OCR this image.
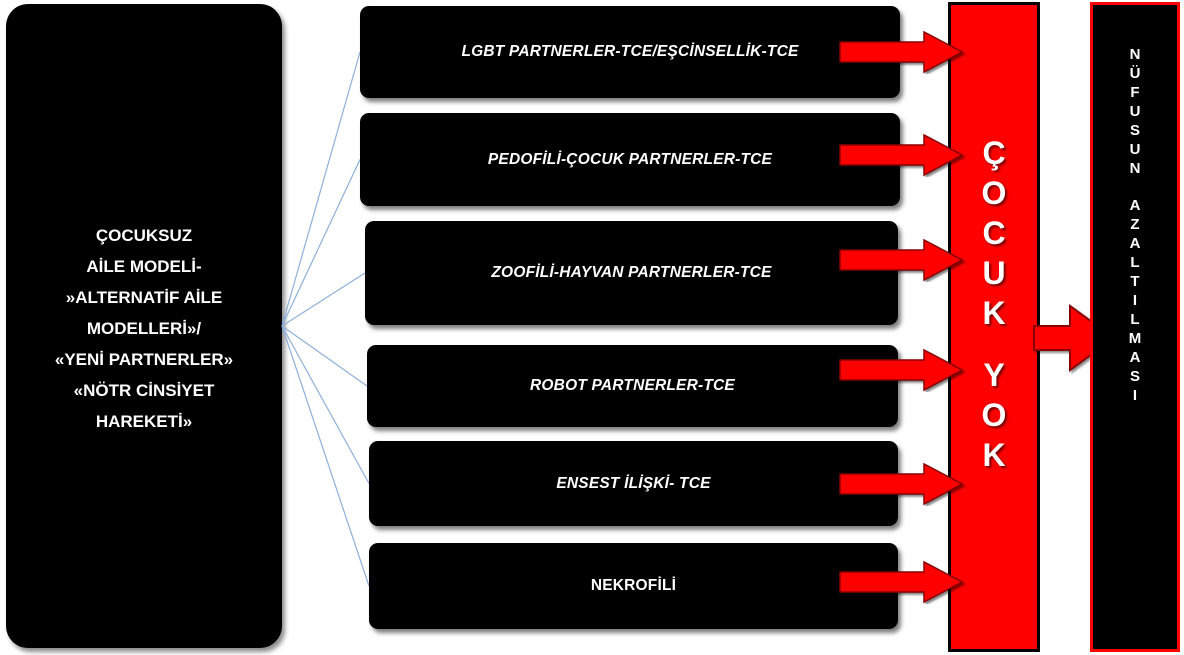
ÇOCUKSUZ
AİLE MODELİ-
»ALTERNATİF AİLE
MODELLERİ»/
«YENİ PARTNERLER»
«NÖTR CİNSİYET
HAREKETİ»
LGBT PARTNERLER-TCE/EŞCİNSELLİK-TCE
PEDOFİLİ-ÇOCUK PARTNERLER-TCE
ZOOFİLİ-HAYVAN PARTNERLER-TCE
ROBOT PARTNERLER-TCE
ENSEST İLİŞKİ- TCE
NEKROFİLİ
Ç
O
C
U
K
Y
O
K
N
Ü
F
U
S
U
N
A
Z
A
L
T
I
L
M
A
S
I
